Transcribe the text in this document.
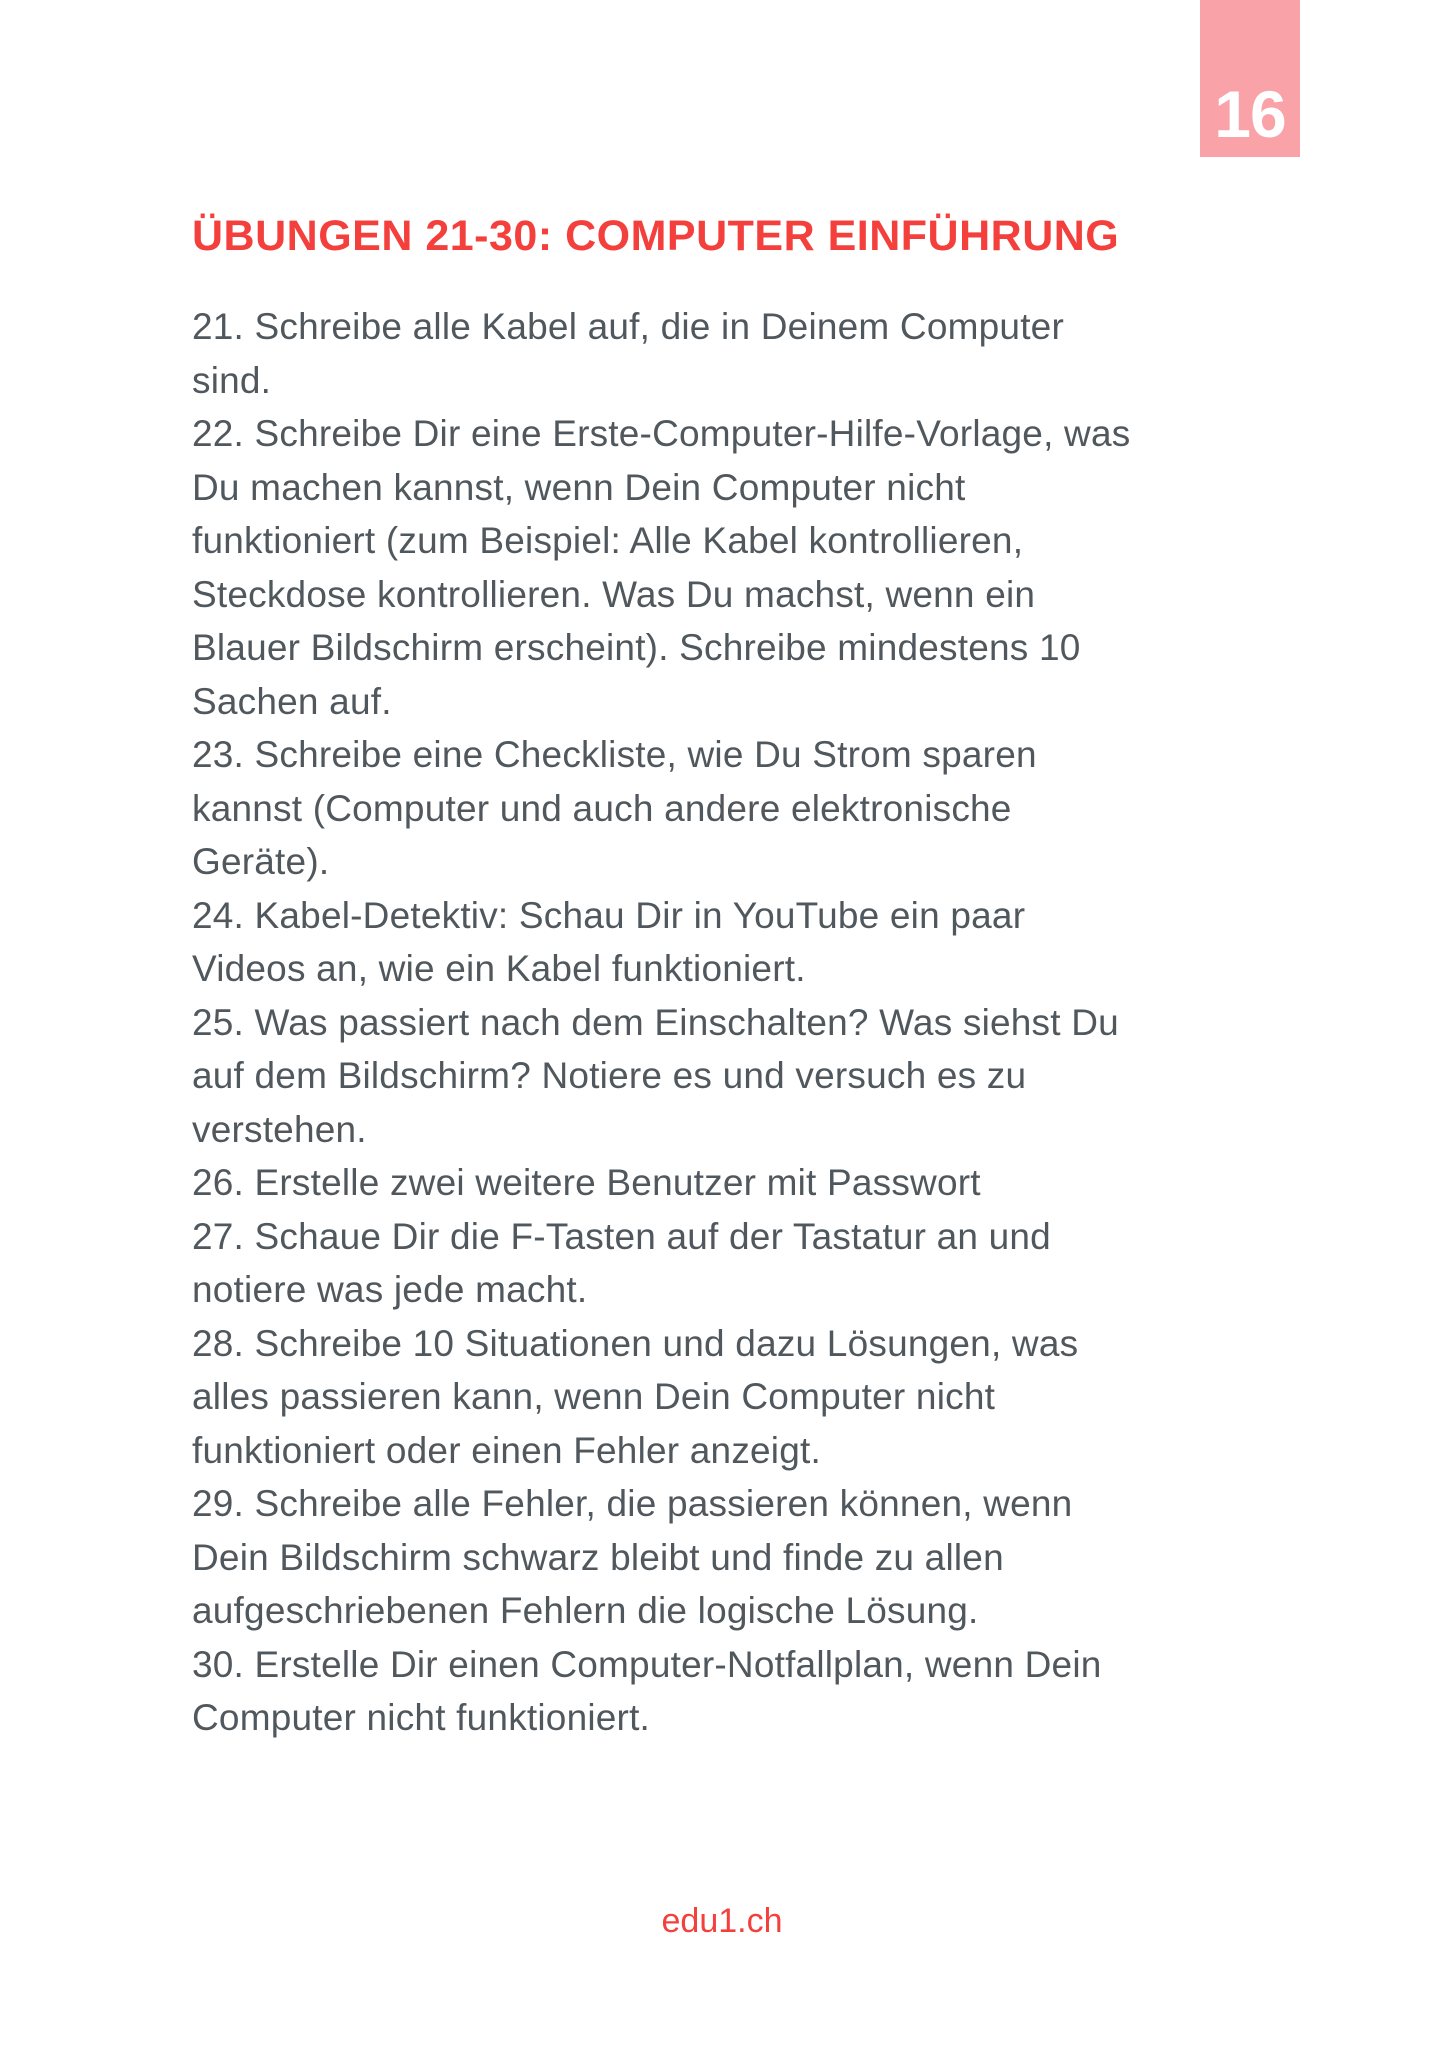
16
ÜBUNGEN 21-30: COMPUTER EINFÜHRUNG
21. Schreibe alle Kabel auf, die in Deinem Computer
sind.
22. Schreibe Dir eine Erste-Computer-Hilfe-Vorlage, was
Du machen kannst, wenn Dein Computer nicht
funktioniert (zum Beispiel: Alle Kabel kontrollieren,
Steckdose kontrollieren. Was Du machst, wenn ein
Blauer Bildschirm erscheint). Schreibe mindestens 10
Sachen auf.
23. Schreibe eine Checkliste, wie Du Strom sparen
kannst (Computer und auch andere elektronische
Geräte).
24. Kabel-Detektiv: Schau Dir in YouTube ein paar
Videos an, wie ein Kabel funktioniert.
25. Was passiert nach dem Einschalten? Was siehst Du
auf dem Bildschirm? Notiere es und versuch es zu
verstehen.
26. Erstelle zwei weitere Benutzer mit Passwort
27. Schaue Dir die F-Tasten auf der Tastatur an und
notiere was jede macht.
28. Schreibe 10 Situationen und dazu Lösungen, was
alles passieren kann, wenn Dein Computer nicht
funktioniert oder einen Fehler anzeigt.
29. Schreibe alle Fehler, die passieren können, wenn
Dein Bildschirm schwarz bleibt und finde zu allen
aufgeschriebenen Fehlern die logische Lösung.
30. Erstelle Dir einen Computer-Notfallplan, wenn Dein
Computer nicht funktioniert.
edu1.ch
